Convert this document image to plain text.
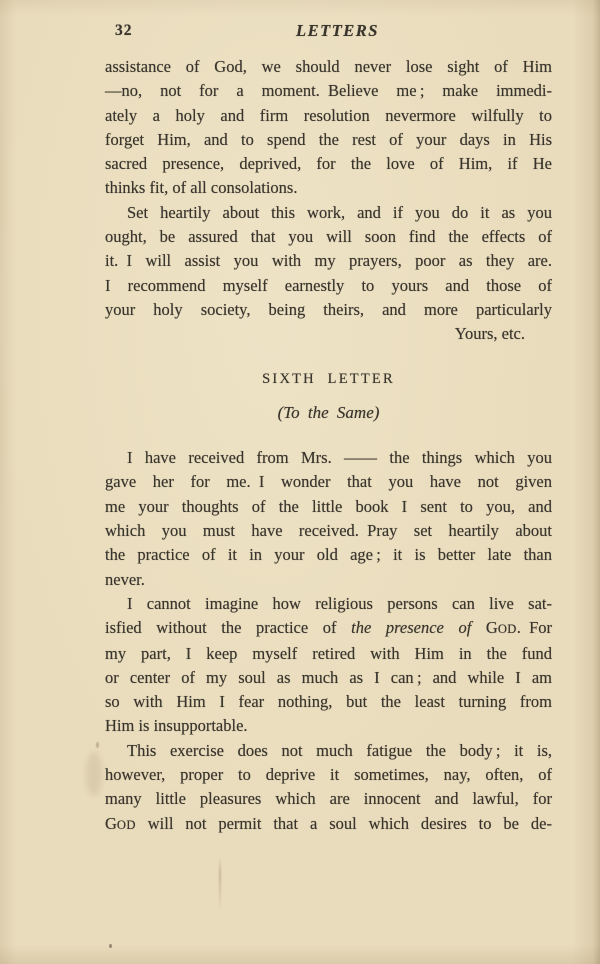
32	LETTERS
assistance of God, we should never lose sight of Him
—no, not for a moment. Believe me ; make immedi-
ately a holy and firm resolution nevermore wilfully to
forget Him, and to spend the rest of your days in His
sacred presence, deprived, for the love of Him, if He
thinks fit, of all consolations.
Set heartily about this work, and if you do it as you
ought, be assured that you will soon find the effects of
it. I will assist you with my prayers, poor as they are.
I recommend myself earnestly to yours and those of
your holy society, being theirs, and more particularly
Yours, etc.
SIXTH LETTER
(To the Same)
I have received from Mrs. —— the things which you
gave her for me. I wonder that you have not given
me your thoughts of the little book I sent to you, and
which you must have received. Pray set heartily about
the practice of it in your old age ; it is better late than
never.
I cannot imagine how religious persons can live sat-
isfied without the practice of the presence of GOD. For
my part, I keep myself retired with Him in the fund
or center of my soul as much as I can ; and while I am
so with Him I fear nothing, but the least turning from
Him is insupportable.
This exercise does not much fatigue the body ; it is,
however, proper to deprive it sometimes, nay, often, of
many little pleasures which are innocent and lawful, for
GOD will not permit that a soul which desires to be de-
